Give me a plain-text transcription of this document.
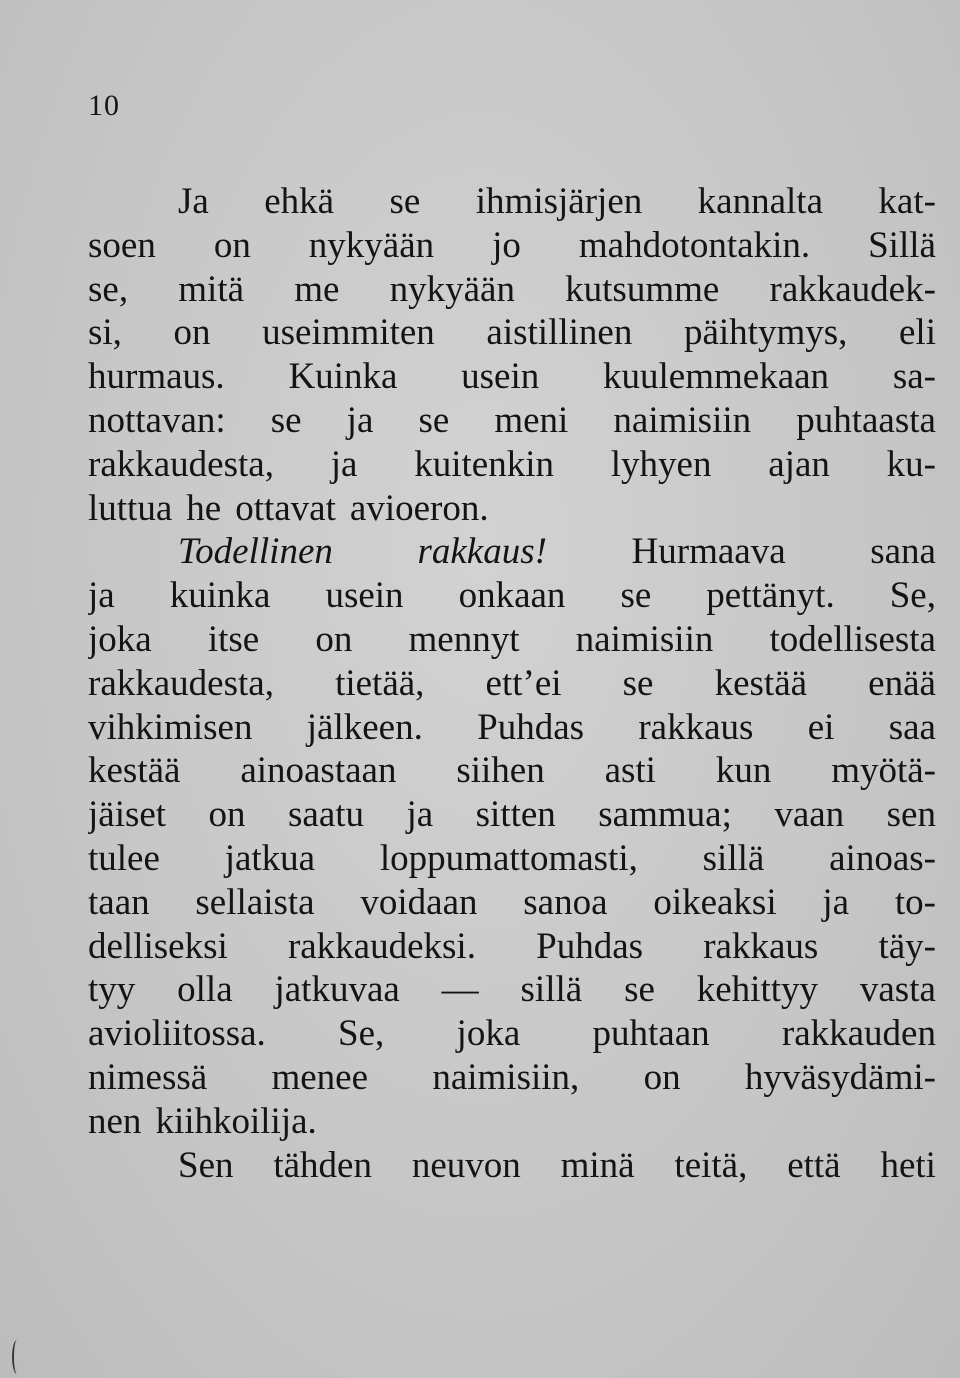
10
Ja ehkä se ihmisjärjen kannalta kat-
soen on nykyään jo mahdotontakin. Sillä
se, mitä me nykyään kutsumme rakkaudek-
si, on useimmiten aistillinen päihtymys, eli
hurmaus. Kuinka usein kuulemmekaan sa-
nottavan: se ja se meni naimisiin puhtaasta
rakkaudesta, ja kuitenkin lyhyen ajan ku-
luttua he ottavat avioeron.
Todellinen rakkaus! Hurmaava sana
ja kuinka usein onkaan se pettänyt. Se,
joka itse on mennyt naimisiin todellisesta
rakkaudesta, tietää, ett’ei se kestää enää
vihkimisen jälkeen. Puhdas rakkaus ei saa
kestää ainoastaan siihen asti kun myötä-
jäiset on saatu ja sitten sammua; vaan sen
tulee jatkua loppumattomasti, sillä ainoas-
taan sellaista voidaan sanoa oikeaksi ja to-
delliseksi rakkaudeksi. Puhdas rakkaus täy-
tyy olla jatkuvaa — sillä se kehittyy vasta
avioliitossa. Se, joka puhtaan rakkauden
nimessä menee naimisiin, on hyväsydämi-
nen kiihkoilija.
Sen tähden neuvon minä teitä, että heti
